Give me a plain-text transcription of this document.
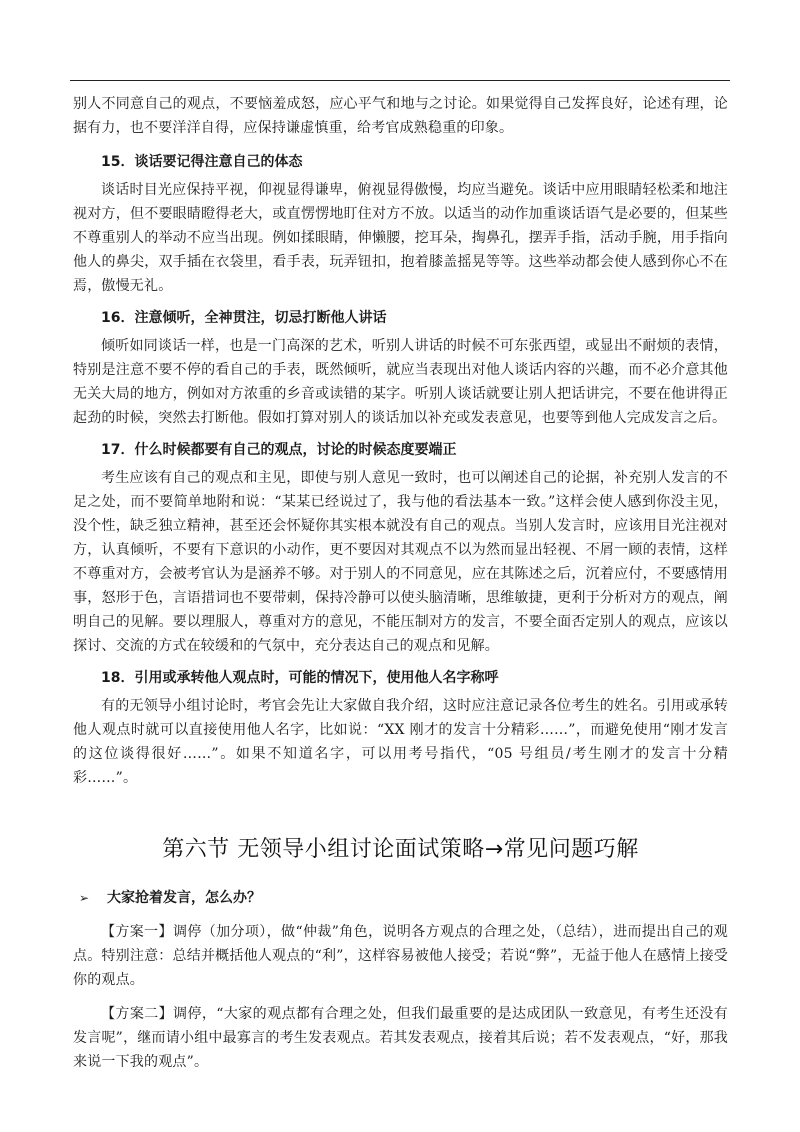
别人不同意自己的观点，不要恼羞成怒，应心平气和地与之讨论。如果觉得自己发挥良好，论述有理，论据有力，也不要洋洋自得，应保持谦虚慎重，给考官成熟稳重的印象。

15．谈话要记得注意自己的体态

谈话时目光应保持平视，仰视显得谦卑，俯视显得傲慢，均应当避免。谈话中应用眼睛轻松柔和地注视对方，但不要眼睛瞪得老大，或直愣愣地盯住对方不放。以适当的动作加重谈话语气是必要的，但某些不尊重别人的举动不应当出现。例如揉眼睛，伸懒腰，挖耳朵，掏鼻孔，摆弄手指，活动手腕，用手指向他人的鼻尖，双手插在衣袋里，看手表，玩弄钮扣，抱着膝盖摇晃等等。这些举动都会使人感到你心不在焉，傲慢无礼。

16．注意倾听，全神贯注，切忌打断他人讲话

倾听如同谈话一样，也是一门高深的艺术，听别人讲话的时候不可东张西望，或显出不耐烦的表情，特别是注意不要不停的看自己的手表，既然倾听，就应当表现出对他人谈话内容的兴趣，而不必介意其他无关大局的地方，例如对方浓重的乡音或读错的某字。听别人谈话就要让别人把话讲完，不要在他讲得正起劲的时候，突然去打断他。假如打算对别人的谈话加以补充或发表意见，也要等到他人完成发言之后。

17．什么时候都要有自己的观点，讨论的时候态度要端正

考生应该有自己的观点和主见，即使与别人意见一致时，也可以阐述自己的论据，补充别人发言的不足之处，而不要简单地附和说：“某某已经说过了，我与他的看法基本一致。”这样会使人感到你没主见，没个性，缺乏独立精神，甚至还会怀疑你其实根本就没有自己的观点。当别人发言时，应该用目光注视对方，认真倾听，不要有下意识的小动作，更不要因对其观点不以为然而显出轻视、不屑一顾的表情，这样不尊重对方，会被考官认为是涵养不够。对于别人的不同意见，应在其陈述之后，沉着应付，不要感情用事，怒形于色，言语措词也不要带刺，保持冷静可以使头脑清晰，思维敏捷，更利于分析对方的观点，阐明自己的见解。要以理服人，尊重对方的意见，不能压制对方的发言，不要全面否定别人的观点，应该以探讨、交流的方式在较缓和的气氛中，充分表达自己的观点和见解。

18．引用或承转他人观点时，可能的情况下，使用他人名字称呼

有的无领导小组讨论时，考官会先让大家做自我介绍，这时应注意记录各位考生的姓名。引用或承转他人观点时就可以直接使用他人名字，比如说：“XX 刚才的发言十分精彩……”，而避免使用“刚才发言的这位谈得很好……”。如果不知道名字，可以用考号指代，“05 号组员/考生刚才的发言十分精彩……”。

第六节 无领导小组讨论面试策略→常见问题巧解
➢ 大家抢着发言，怎么办？

【方案一】调停（加分项），做“仲裁”角色，说明各方观点的合理之处，（总结），进而提出自己的观点。特别注意：总结并概括他人观点的“利”，这样容易被他人接受；若说“弊”，无益于他人在感情上接受你的观点。

【方案二】调停，“大家的观点都有合理之处，但我们最重要的是达成团队一致意见，有考生还没有发言呢”，继而请小组中最寡言的考生发表观点。若其发表观点，接着其后说；若不发表观点，“好，那我来说一下我的观点”。
